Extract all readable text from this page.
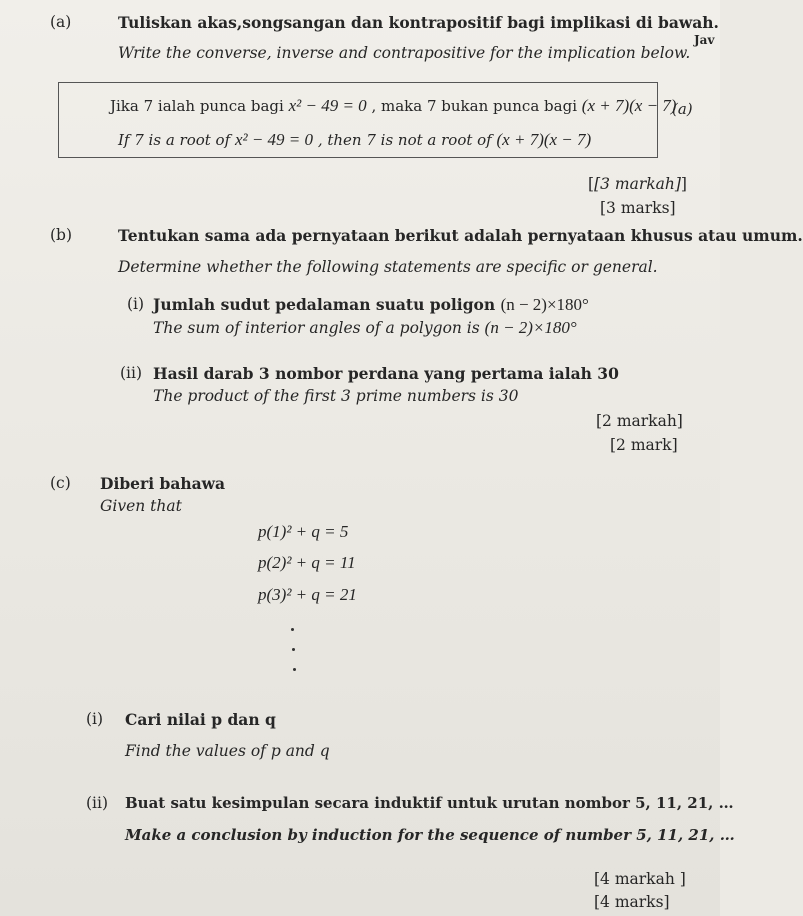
(a)	Tuliskan akas,songsangan dan kontrapositif bagi implikasi di bawah.
Jav
Write the converse, inverse and contrapositive for the implication below.
Jika 7 ialah punca bagi x² − 49 = 0 , maka 7 bukan punca bagi (x + 7)(x − 7)
If 7 is a root of x² − 49 = 0 , then 7 is not a root of (x + 7)(x − 7)
(a)
[[3 markah]]
[3 marks]
(b)	Tentukan sama ada pernyataan berikut adalah pernyataan khusus atau umum.
Determine whether the following statements are specific or general.
(i) Jumlah sudut pedalaman suatu poligon (n − 2)×180°
The sum of interior angles of a polygon is (n − 2)×180°
(ii) Hasil darab 3 nombor perdana yang pertama ialah 30
The product of the first 3 prime numbers is 30
[2 markah]
[2 mark]
(c) Diberi bahawa
Given that
p(1)² + q = 5
p(2)² + q = 11
p(3)² + q = 21
(i) Cari nilai p dan q
Find the values of p and q
(ii) Buat satu kesimpulan secara induktif untuk urutan nombor 5, 11, 21, …
Make a conclusion by induction for the sequence of number 5, 11, 21, …
[4 markah ]
[4 marks]
